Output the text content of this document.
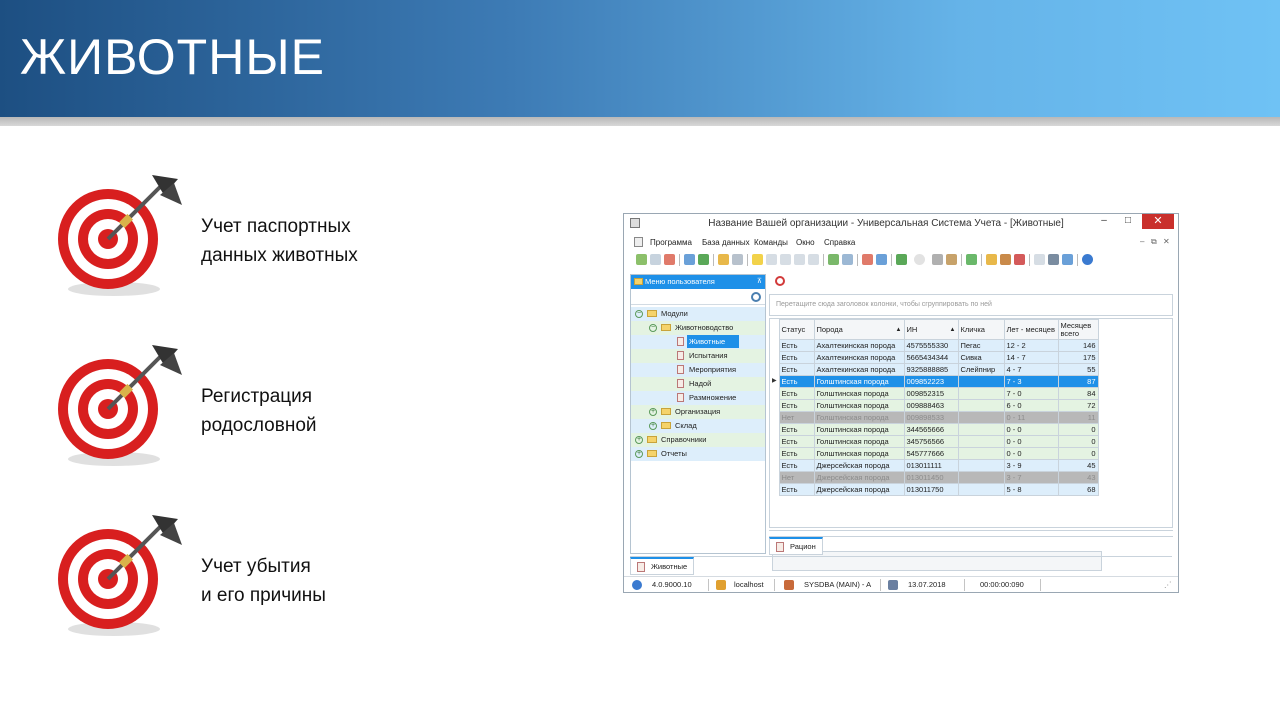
ЖИВОТНЫЕ
Учет паспортных
данных животных
Регистрация
родословной
Учет убытия
и его причины
Название Вашей организации - Универсальная Система Учета - [Животные]	–	□	✕
Программа База данных Команды Окно Справка	– ⧉ ✕
Меню пользователя	⊼
−	Модули
−	Животноводство
Животные
Испытания
Мероприятия
Надой
Размножение
+	Организация
+	Склад
+	Справочники
+	Отчеты
Перетащите сюда заголовок колонки, чтобы сгруппировать по ней
	Статус	Порода ▲	ИН ▲	Кличка	Лет - месяцев	Месяцев всего
	Есть	Ахалтекинская порода	4575555330	Пегас	12 - 2	146
	Есть	Ахалтекинская порода	5665434344	Сивка	14 - 7	175
	Есть	Ахалтекинская порода	9325888885	Слейпнир	4 - 7	55
▶	Есть	Голштинская порода	009852223		7 - 3	87
	Есть	Голштинская порода	009852315		7 - 0	84
	Есть	Голштинская порода	009888463		6 - 0	72
	Нет	Голштинская порода	009898533		0 - 11	11
	Есть	Голштинская порода	344565666		0 - 0	0
	Есть	Голштинская порода	345756566		0 - 0	0
	Есть	Голштинская порода	545777666		0 - 0	0
	Есть	Джерсейская порода	013011111		3 - 9	45
	Нет	Джерсейская порода	013011450		3 - 7	43
	Есть	Джерсейская порода	013011750		5 - 8	68
Рацион
Животные
4.0.9000.10	localhost	SYSDBA (MAIN) - A	13.07.2018	00:00:00:090	⋰
